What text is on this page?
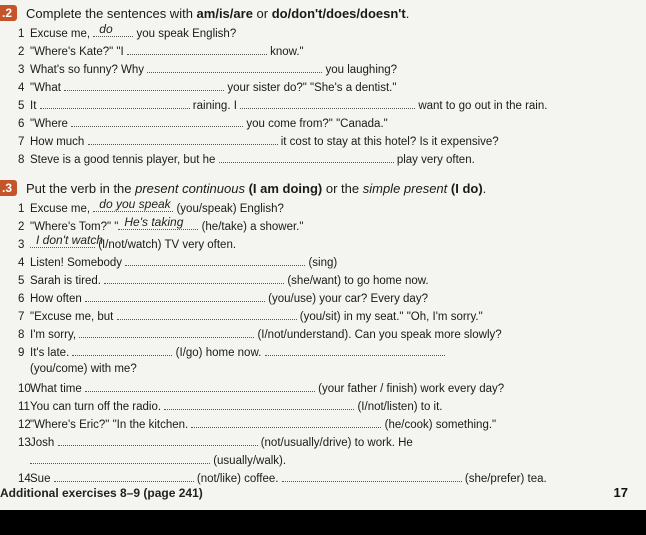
.2	Complete the sentences with am/is/are or do/don't/does/doesn't.
1 Excuse me, do you speak English?
2 "Where's Kate?" "I	know."
3 What's so funny? Why	you laughing?
4 "What	your sister do?" "She's a dentist."
5 It	raining. I	want to go out in the rain.
6 "Where	you come from?" "Canada."
7 How much	it cost to stay at this hotel? Is it expensive?
8 Steve is a good tennis player, but he	play very often.
.3	Put the verb in the present continuous (I am doing) or the simple present (I do).
1 Excuse me, do you speak (you/speak) English?
2 "Where's Tom?" " He's taking (he/take) a shower."
3 I don't watch
(I/not/watch) TV very often.
4 Listen! Somebody	(sing)
5 Sarah is tired.	(she/want) to go home now.
6 How often	(you/use) your car? Every day?
7 "Excuse me, but	(you/sit) in my seat." "Oh, I'm sorry."
8 I'm sorry,	(I/not/understand). Can you speak more slowly?
9 It's late.	(I/go) home now.
(you/come) with me?
10What time	(your father / finish) work every day?
11You can turn off the radio.	(I/not/listen) to it.
12"Where's Eric?" "In the kitchen.	(he/cook) something."
13Josh	(not/usually/drive) to work. He
(usually/walk).
14Sue	(not/like) coffee.	(she/prefer) tea.
Additional exercises 8–9 (page 241)	17
